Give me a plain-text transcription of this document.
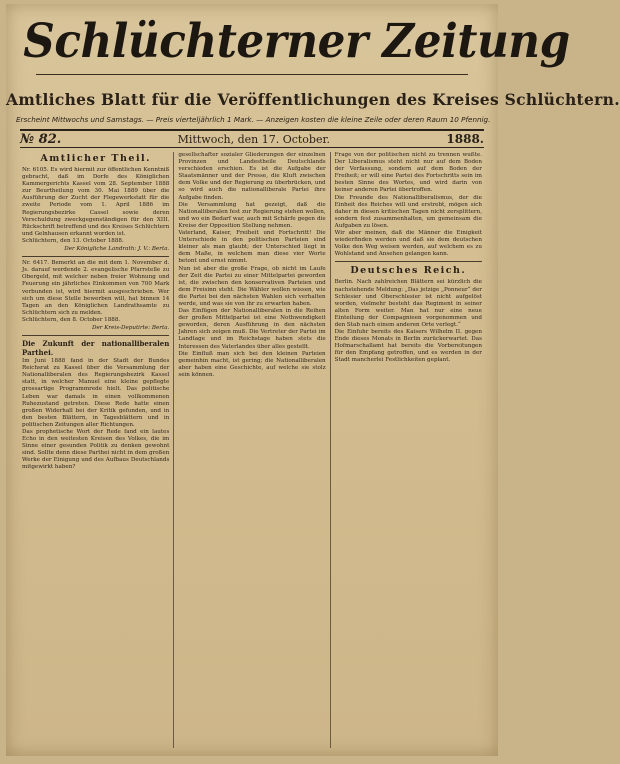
Schlüchterner Zeitung
Amtliches Blatt für die Veröffentlichungen des Kreises Schlüchtern.
Erscheint Mittwochs und Samstags. — Preis vierteljährlich 1 Mark. — Anzeigen kosten die kleine Zeile oder deren Raum 10 Pfennig.
№ 82.	Mittwoch, den 17. October.	1888.
Amtlicher Theil.
Nr. 6105. Es wird hiermit zur öffentlichen Kenntniß gebracht, daß im Dorfe des Königlichen Kammergerichts Kassel vom 28. September 1888 zur Beurtheilung vom 30. Mai 1889 über die Ausführung der Zucht der Flegewerkstatt für die zweite Periode vom 1. April 1886 im Regierungsbezirke Cassel sowie deren Verschuldung zweckgegenständigen für den XIII. Rückschrift betreffend und des Kreises Schlüchtern und Gelnhausen erkannt worden ist.
Schlüchtern, den 13. October 1888.
Der Königliche Landrath: J. V.: Berta.
Nr. 6417. Bemerkt an die mit dem 1. November d. Js. darauf werdende 2. evangelische Pfarrstelle zu Obergeld, mit welcher neben freier Wohnung und Feuerung ein jährliches Einkommen von 700 Mark verbunden ist, wird hiermit ausgeschrieben. Wer sich um diese Stelle bewerben will, hat binnen 14 Tagen an den Königlichen Landrathsamte zu Schlüchtern sich zu melden.
Schlüchtern, den 8. October 1888.
Der Kreis-Deputirte: Berta.
Die Zukunft der nationalliberalen Parthei.
Im Juni 1888 fand in der Stadt der Bundes Reichsrat zu Kassel über die Versammlung der Nationalliberalen des Regierungsbezirk Kassel statt, in welcher Manuel eine kleine gepflegte grossartige Programmrede hielt. Das politische Leben war damals in einen vollkommenen Ruhezustand getreten. Diese Rede hatte einen großen Widerhall bei der Kritik gefunden, und in den besten Blättern, in Tagesblättern und in politischen Zeitungen aller Richtungen.
Das prophetische Wort der Rede fand ein lautes Echo in den weitesten Kreisen des Volkes, die im Sinne einer gesunden Politik zu denken gewohnt sind. Sollte denn diese Parthei nicht in dem großen Werke der Einigung und des Aufbaus Deutschlands mitgewirkt haben?
gesellschafter sozialer Gliederungen der einzelnen Provinzen und Landestheile Deutschlands verschieden erschien. Es ist die Aufgabe der Staatsmänner und der Presse, die Kluft zwischen dem Volke und der Regierung zu überbrücken, und so wird auch die nationalliberale Partei ihre Aufgabe finden.
Die Versammlung hat gezeigt, daß die Nationalliberalen fest zur Regierung stehen wollen, und wo ein Bedarf war, auch mit Schärfe gegen die Kreise der Opposition Stellung nehmen.
Vaterland, Kaiser, Freiheit und Fortschritt! Die Unterschiede in den politischen Parteien sind kleiner als man glaubt; der Unterschied liegt in dem Maße, in welchem man diese vier Worte betont und ernst nimmt.
Nun ist aber die große Frage, ob nicht im Laufe der Zeit die Partei zu einer Mittelpartei geworden ist, die zwischen den konservativen Parteien und dem Freisinn steht. Die Wähler wollen wissen, wie die Partei bei den nächsten Wahlen sich verhalten werde, und was sie von ihr zu erwarten haben.
Das Einfügen der Nationalliberalen in die Reihen der großen Mittelpartei ist eine Nothwendigkeit geworden, deren Ausführung in den nächsten Jahren sich zeigen muß. Die Vertreter der Partei im Landtage und im Reichstage haben stets die Interessen des Vaterlandes über alles gestellt.
Die Einfluß man sich bei den kleinen Parteien gemeinhin macht, ist gering; die Nationalliberalen aber haben eine Geschichte, auf welche sie stolz sein können.
Frage von der politischen nicht zu trennen wußte. Der Liberalismus steht nicht nur auf dem Boden der Verfassung, sondern auf dem Boden der Freiheit; er will eine Partei des Fortschritts sein im besten Sinne des Wortes, und wird darin von keiner anderen Partei übertroffen.
Die Freunde des Nationalliberalismus, der die Einheit des Reiches will und erstrebt, mögen sich daher in diesen kritischen Tagen nicht zersplittern, sondern fest zusammenhalten, um gemeinsam die Aufgaben zu lösen.
Wir aber meinen, daß die Männer die Einigkeit wiederfinden werden und daß sie dem deutschen Volke den Weg weisen werden, auf welchem es zu Wohlstand und Ansehen gelangen kann.
Deutsches Reich.
Berlin. Nach zahlreichen Blättern sei kürzlich die nachstehende Meldung: „Das jetzige „Ponneur“ der Schlesier und Oberschlesier ist nicht aufgelöst worden, vielmehr besteht das Regiment in seiner alten Form weiter. Man hat nur eine neue Einteilung der Compagnieen vorgenommen und den Stab nach einem anderen Orte verlegt.“
Die Einfuhr bereits des Kaisers Wilhelm II. gegen Ende dieses Monats in Berlin zurückerwartet. Das Hofmarschallamt hat bereits die Vorbereitungen für den Empfang getroffen, und es werden in der Stadt mancherlei Festlichkeiten geplant.
